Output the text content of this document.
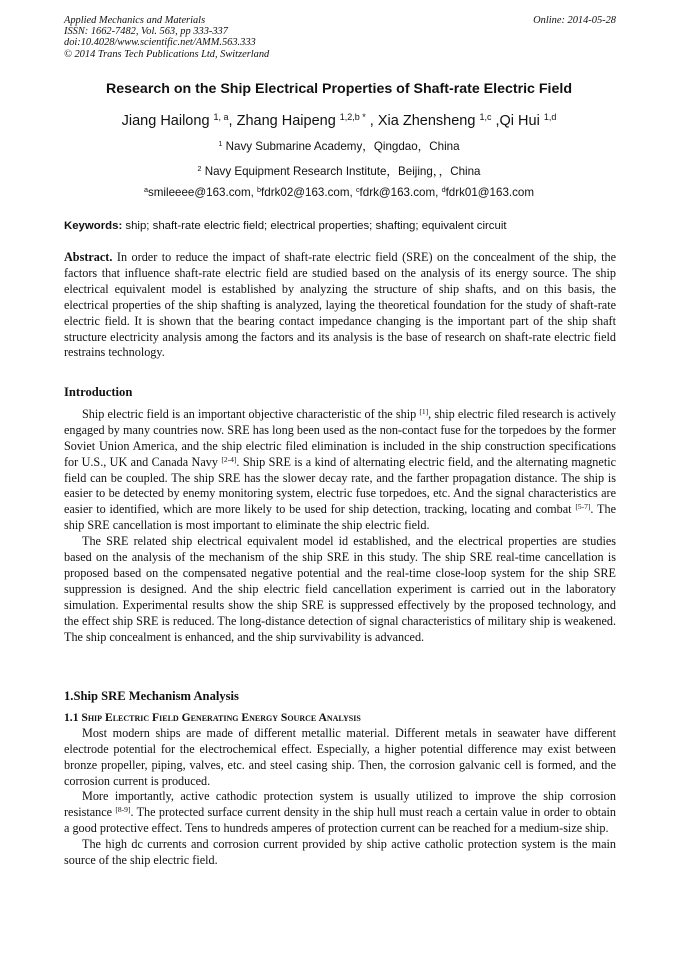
Applied Mechanics and Materials	Online: 2014-05-28
ISSN: 1662-7482, Vol. 563, pp 333-337
doi:10.4028/www.scientific.net/AMM.563.333
© 2014 Trans Tech Publications Ltd, Switzerland
Research on the Ship Electrical Properties of Shaft-rate Electric Field
Jiang Hailong $^{1, a}$, Zhang Haipeng $^{1,2,b *}$ , Xia Zhensheng $^{1,c}$ ,Qi Hui $^{1,d}$
$^1$ Navy Submarine Academy，Qingdao，China
$^2$ Navy Equipment Research Institute，Beijing，，China
$^a$smileeee@163.com, $^b$fdrk02@163.com, $^c$fdrk@163.com, $^d$fdrk01@163.com
Keywords: ship; shaft-rate electric field; electrical properties; shafting; equivalent circuit

Abstract. In order to reduce the impact of shaft-rate electric field (SRE) on the concealment of the ship, the factors that influence shaft-rate electric field are studied based on the analysis of its energy source. The ship electrical equivalent model is established by analyzing the structure of ship shafts, and on this basis, the electrical properties of the ship shafting is analyzed, laying the theoretical foundation for the study of shaft-rate electric field. It is shown that the bearing contact impedance changing is the important part of the ship shaft structure electricity analysis among the factors and its analysis is the base of research on shaft-rate electric field restrains technology.

Introduction

Ship electric field is an important objective characteristic of the ship [1], ship electric filed research is actively engaged by many countries now. SRE has long been used as the non-contact fuse for the torpedoes by the former Soviet Union America, and the ship electric filed elimination is included in the ship construction specifications for U.S., UK and Canada Navy [2-4]. Ship SRE is a kind of alternating electric field, and the alternating magnetic field can be coupled. The ship SRE has the slower decay rate, and the farther propagation distance. The ship is easier to be detected by enemy monitoring system, electric fuse torpedoes, etc. And the signal characteristics are easier to identified, which are more likely to be used for ship detection, tracking, locating and combat [5-7]. The ship SRE cancellation is most important to eliminate the ship electric field.

The SRE related ship electrical equivalent model id established, and the electrical properties are studies based on the analysis of the mechanism of the ship SRE in this study. The ship SRE real-time cancellation is proposed based on the compensated negative potential and the real-time close-loop system for the ship SRE suppression is designed. And the ship electric field cancellation experiment is carried out in the laboratory simulation. Experimental results show the ship SRE is suppressed effectively by the proposed technology, and the effect ship SRE is reduced. The long-distance detection of signal characteristics of military ship is weakened. The ship concealment is enhanced, and the ship survivability is advanced.

1.Ship SRE Mechanism Analysis

1.1 Ship Electric Field Generating Energy Source Analysis

Most modern ships are made of different metallic material. Different metals in seawater have different electrode potential for the electrochemical effect. Especially, a higher potential difference may exist between bronze propeller, piping, valves, etc. and steel casing ship. Then, the corrosion galvanic cell is formed, and the corrosion current is produced.

More importantly, active cathodic protection system is usually utilized to improve the ship corrosion resistance [8-9]. The protected surface current density in the ship hull must reach a certain value in order to obtain a good protective effect. Tens to hundreds amperes of protection current can be reached for a medium-size ship.

The high dc currents and corrosion current provided by ship active catholic protection system is the main source of the ship electric field.
